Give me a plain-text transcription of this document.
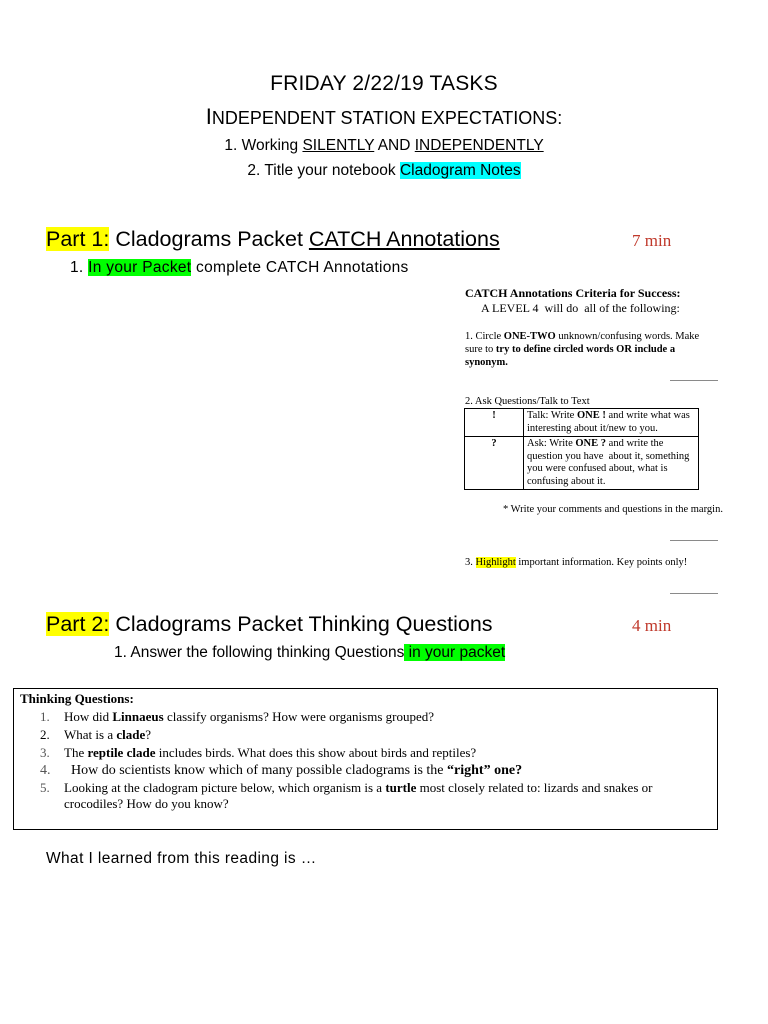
FRIDAY 2/22/19 TASKS
INDEPENDENT STATION EXPECTATIONS:
1. Working SILENTLY AND INDEPENDENTLY
2. Title your notebook Cladogram Notes
Part 1: Cladograms Packet CATCH Annotations	7 min
1. In your Packet complete CATCH Annotations
CATCH Annotations Criteria for Success:
A LEVEL 4  will do  all of the following:
1. Circle ONE-TWO unknown/confusing words. Make sure to try to define circled words OR include a synonym.
2. Ask Questions/Talk to Text
!	Talk: Write ONE ! and write what was interesting about it/new to you.
?	Ask: Write ONE ? and write the question you have  about it, something you were confused about, what is confusing about it.
* Write your comments and questions in the margin.
3. Highlight important information. Key points only!
Part 2: Cladograms Packet Thinking Questions	4 min
1. Answer the following thinking Questions in your packet
Thinking Questions:
1. How did Linnaeus classify organisms? How were organisms grouped?
2. What is a clade?
3. The reptile clade includes birds. What does this show about birds and reptiles?
4. How do scientists know which of many possible cladograms is the “right” one?
5. Looking at the cladogram picture below, which organism is a turtle most closely related to: lizards and snakes or crocodiles? How do you know?
What I learned from this reading is …
